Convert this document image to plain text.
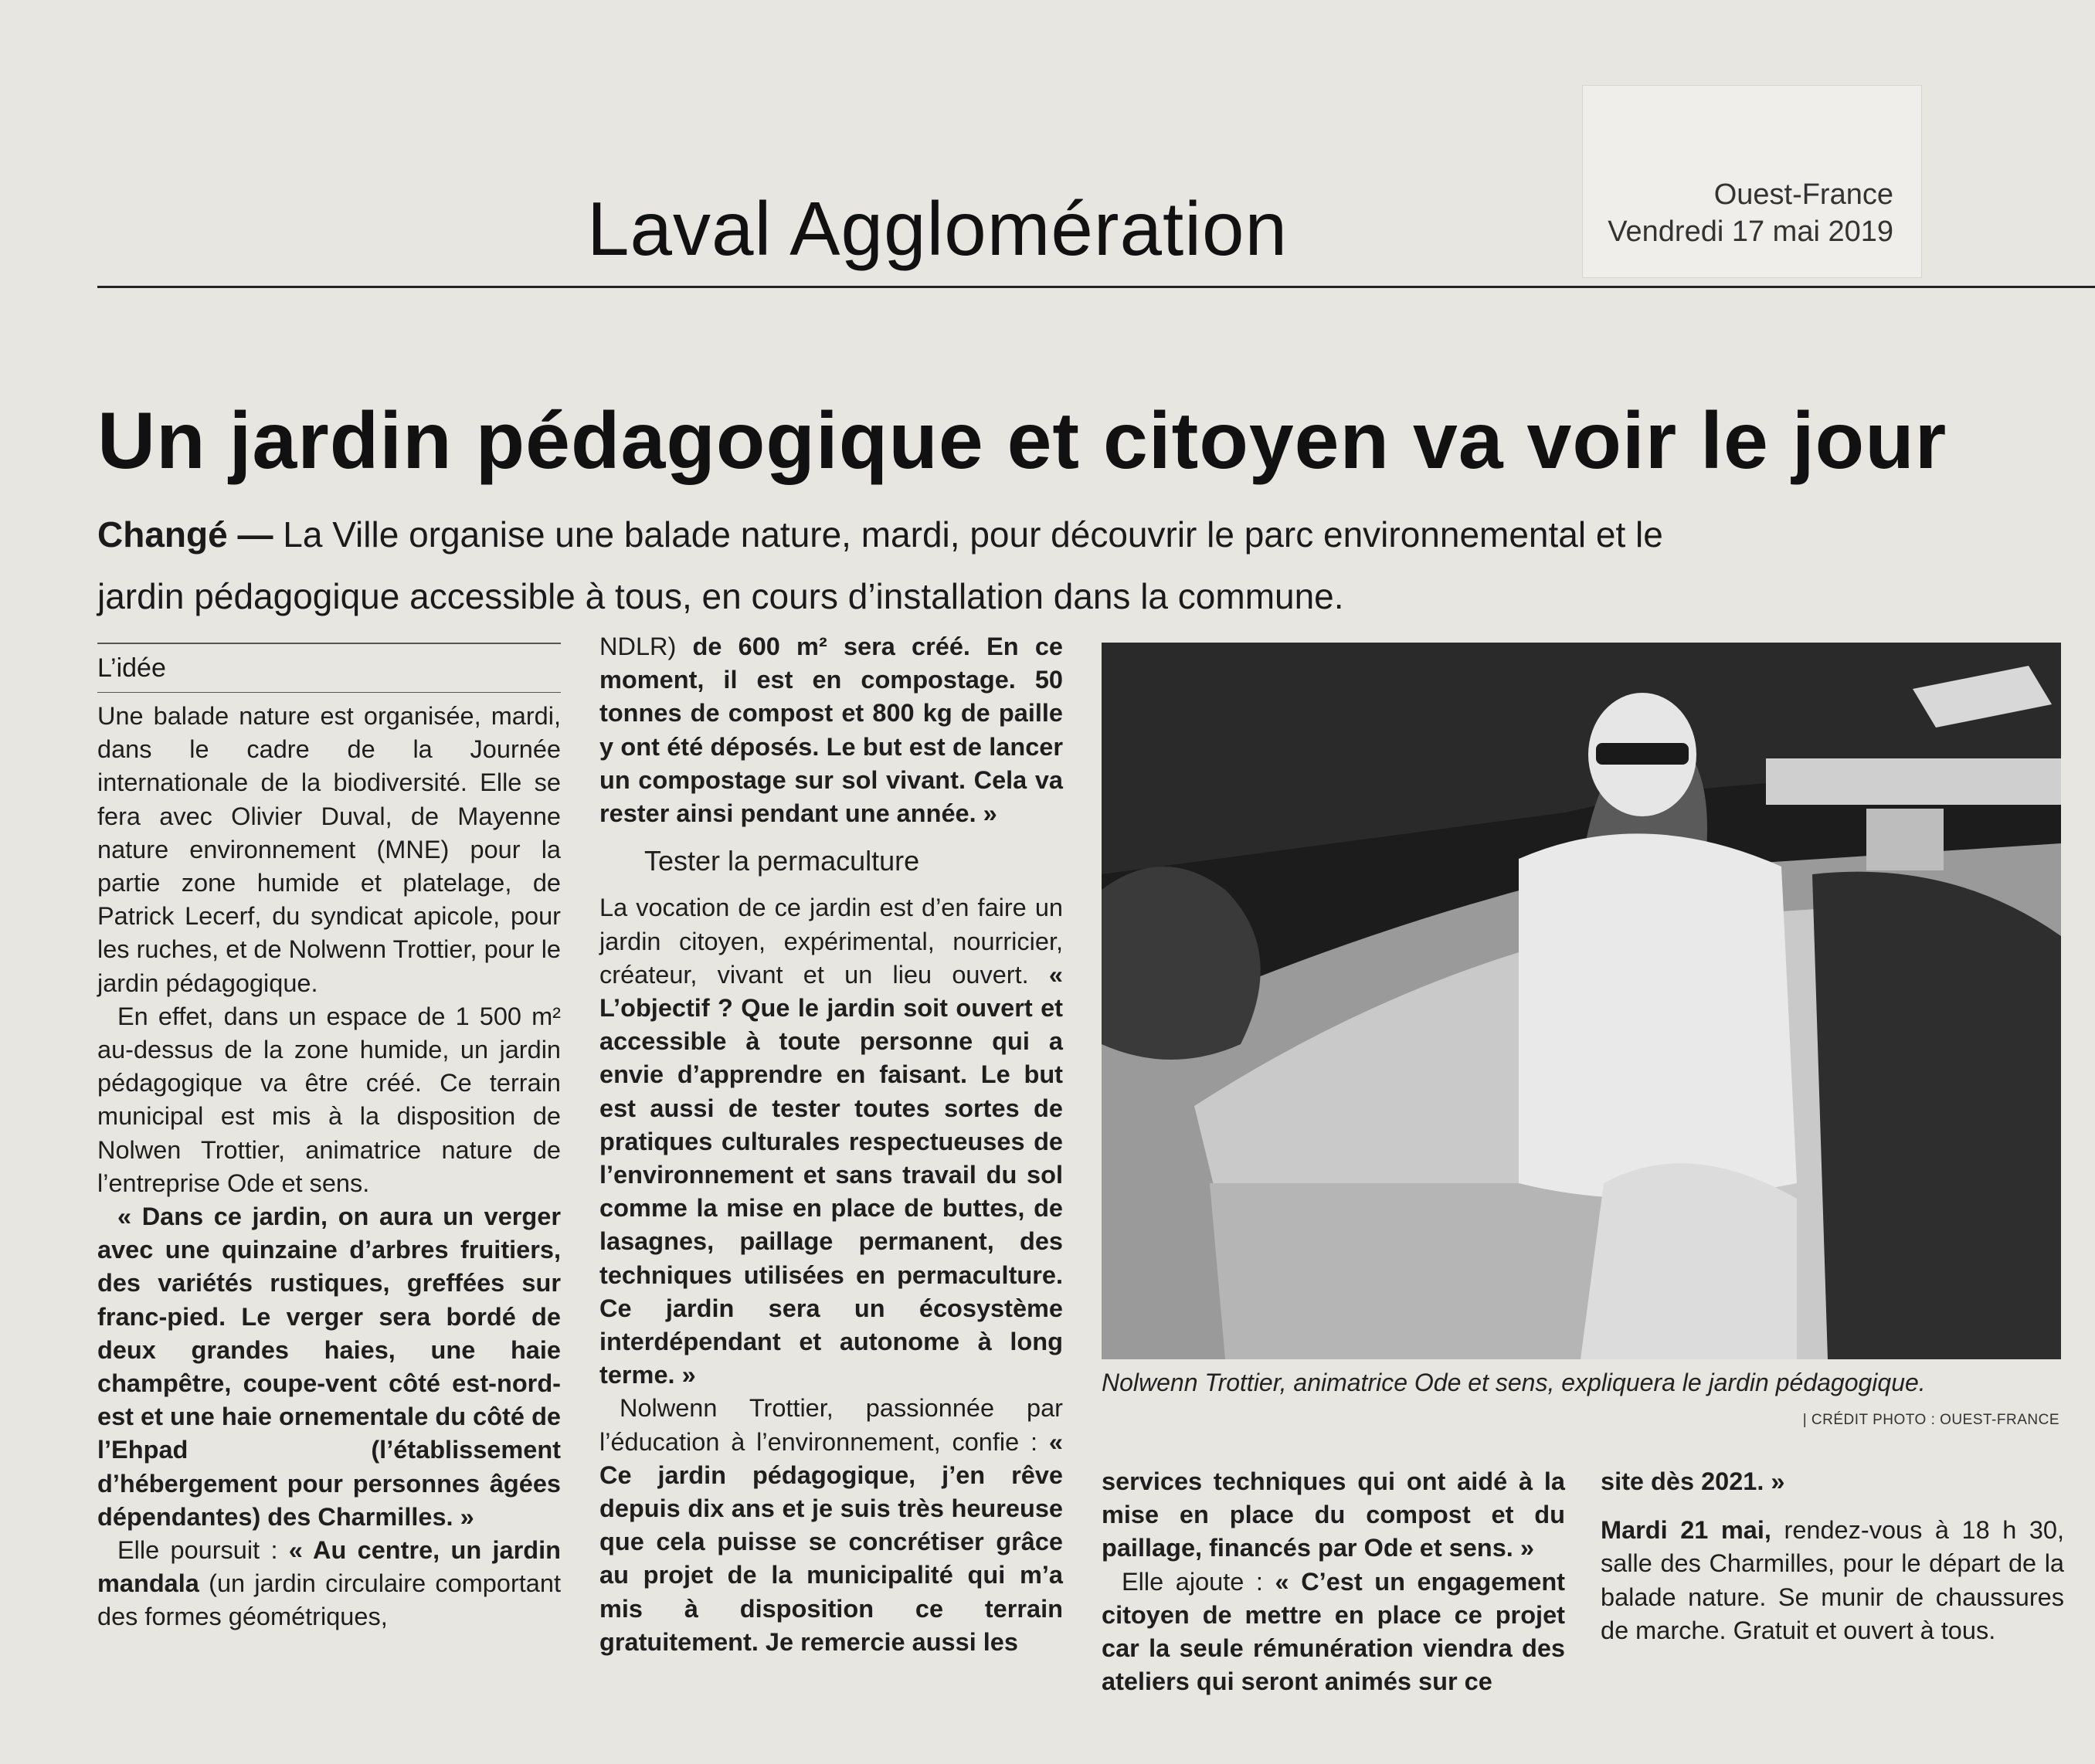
Ouest-France
Vendredi 17 mai 2019
Laval Agglomération
Un jardin pédagogique et citoyen va voir le jour
Changé — La Ville organise une balade nature, mardi, pour découvrir le parc environnemental et le jardin pédagogique accessible à tous, en cours d’installation dans la commune.
L’idée

Une balade nature est organisée, mardi, dans le cadre de la Journée internationale de la biodiversité. Elle se fera avec Olivier Duval, de Mayenne nature environnement (MNE) pour la partie zone humide et platelage, de Patrick Lecerf, du syndicat apicole, pour les ruches, et de Nolwenn Trottier, pour le jardin pédagogique.

En effet, dans un espace de 1 500 m² au-dessus de la zone humide, un jardin pédagogique va être créé. Ce terrain municipal est mis à la disposition de Nolwen Trottier, animatrice nature de l’entreprise Ode et sens.

« Dans ce jardin, on aura un verger avec une quinzaine d’arbres fruitiers, des variétés rustiques, greffées sur franc-pied. Le verger sera bordé de deux grandes haies, une haie champêtre, coupe-vent côté est-nord-est et une haie ornementale du côté de l’Ehpad (l’établissement d’hébergement pour personnes âgées dépendantes) des Charmilles. »

Elle poursuit : « Au centre, un jardin mandala (un jardin circulaire comportant des formes géométriques,

NDLR) de 600 m² sera créé. En ce moment, il est en compostage. 50 tonnes de compost et 800 kg de paille y ont été déposés. Le but est de lancer un compostage sur sol vivant. Cela va rester ainsi pendant une année. »

Tester la permaculture

La vocation de ce jardin est d’en faire un jardin citoyen, expérimental, nourricier, créateur, vivant et un lieu ouvert. « L’objectif ? Que le jardin soit ouvert et accessible à toute personne qui a envie d’apprendre en faisant. Le but est aussi de tester toutes sortes de pratiques culturales respectueuses de l’environnement et sans travail du sol comme la mise en place de buttes, de lasagnes, paillage permanent, des techniques utilisées en permaculture. Ce jardin sera un écosystème interdépendant et autonome à long terme. »

Nolwenn Trottier, passionnée par l’éducation à l’environnement, confie : « Ce jardin pédagogique, j’en rêve depuis dix ans et je suis très heureuse que cela puisse se concrétiser grâce au projet de la municipalité qui m’a mis à disposition ce terrain gratuitement. Je remercie aussi les

Nolwenn Trottier, animatrice Ode et sens, expliquera le jardin pédagogique.
| CRÉDIT PHOTO : OUEST-FRANCE

services techniques qui ont aidé à la mise en place du compost et du paillage, financés par Ode et sens. »

Elle ajoute : « C’est un engagement citoyen de mettre en place ce projet car la seule rémunération viendra des ateliers qui seront animés sur ce

site dès 2021. »

Mardi 21 mai, rendez-vous à 18 h 30, salle des Charmilles, pour le départ de la balade nature. Se munir de chaussures de marche. Gratuit et ouvert à tous.
